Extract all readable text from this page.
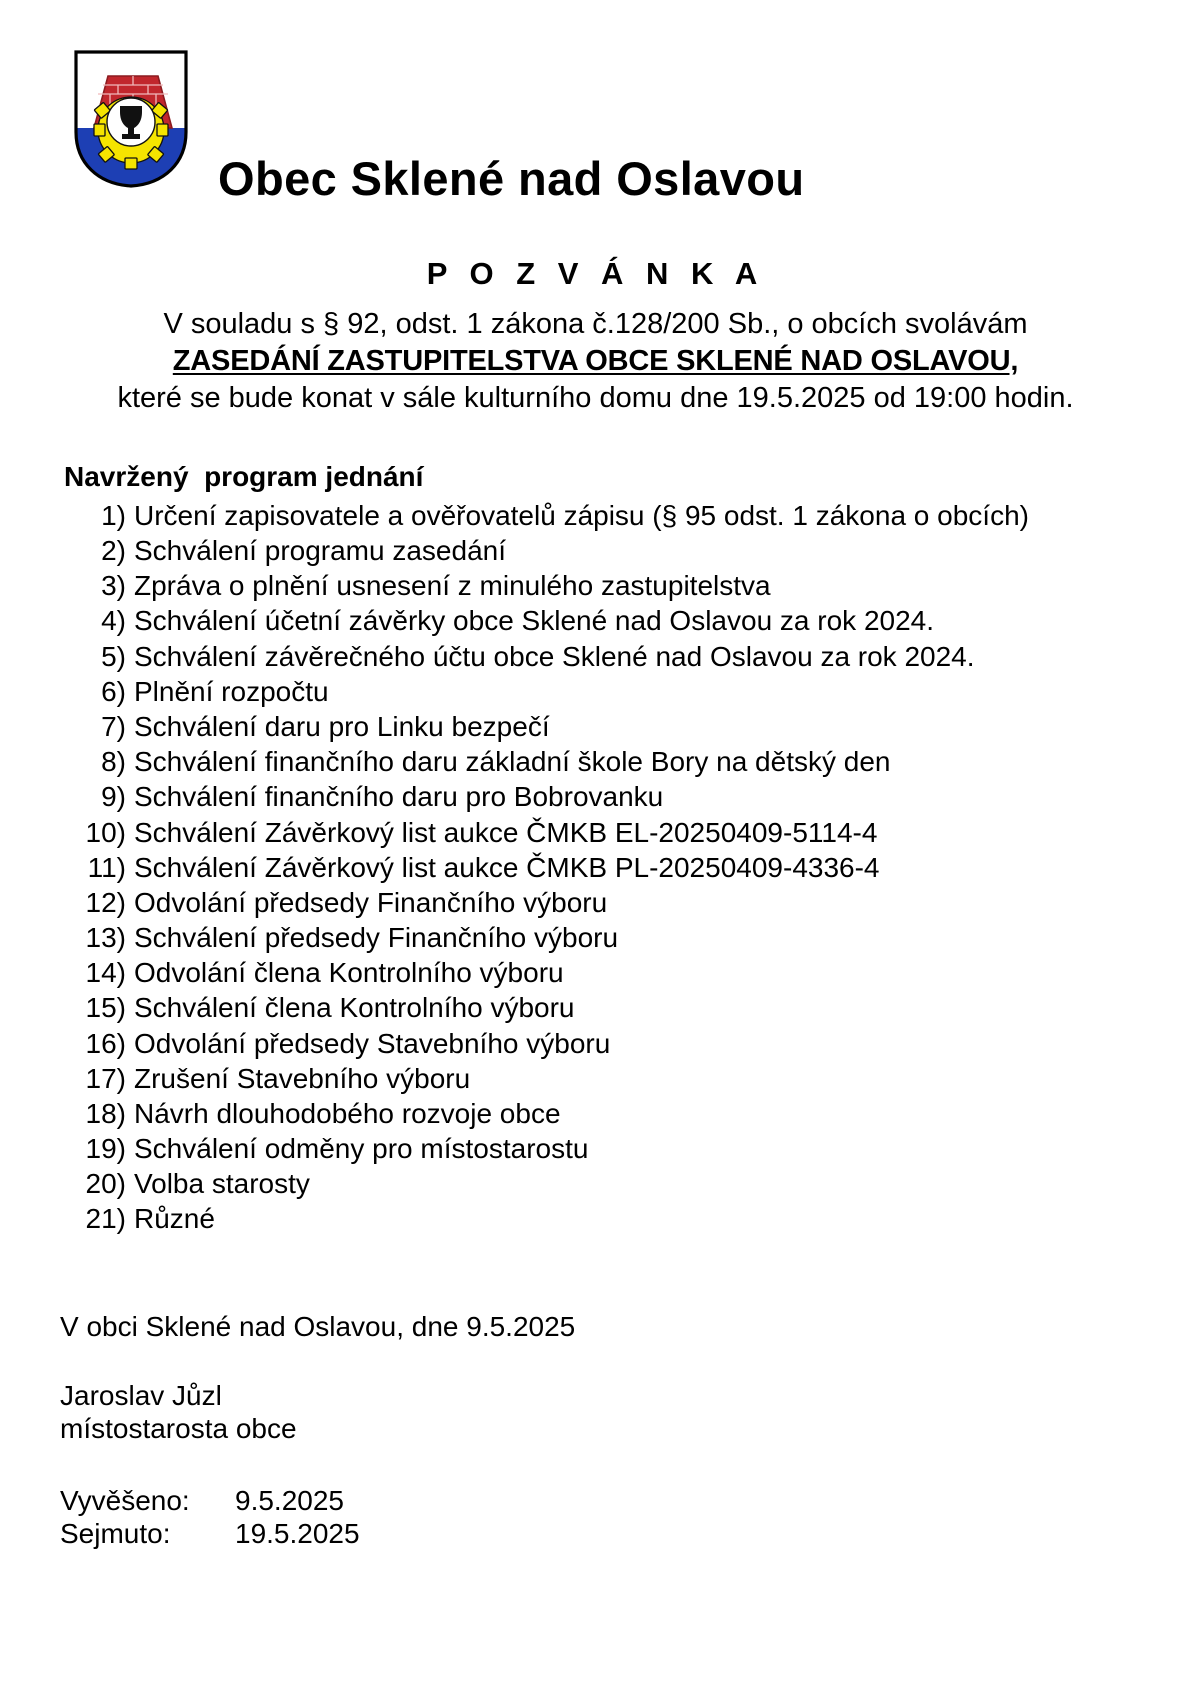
Obec Sklené nad Oslavou
P O Z V Á N K A

V souladu s § 92, odst. 1 zákona č.128/200 Sb., o obcích svolávám

ZASEDÁNÍ ZASTUPITELSTVA OBCE SKLENÉ NAD OSLAVOU,

které se bude konat v sále kulturního domu dne 19.5.2025 od 19:00 hodin.

Navržený  program jednání
1) Určení zapisovatele a ověřovatelů zápisu (§ 95 odst. 1 zákona o obcích)
2) Schválení programu zasedání
3) Zpráva o plnění usnesení z minulého zastupitelstva
4) Schválení účetní závěrky obce Sklené nad Oslavou za rok 2024.
5) Schválení závěrečného účtu obce Sklené nad Oslavou za rok 2024.
6) Plnění rozpočtu
7) Schválení daru pro Linku bezpečí
8) Schválení finančního daru základní škole Bory na dětský den
9) Schválení finančního daru pro Bobrovanku
10) Schválení Závěrkový list aukce ČMKB EL-20250409-5114-4
11) Schválení Závěrkový list aukce ČMKB PL-20250409-4336-4
12) Odvolání předsedy Finančního výboru
13) Schválení předsedy Finančního výboru
14) Odvolání člena Kontrolního výboru
15) Schválení člena Kontrolního výboru
16) Odvolání předsedy Stavebního výboru
17) Zrušení Stavebního výboru
18) Návrh dlouhodobého rozvoje obce
19) Schválení odměny pro místostarostu
20) Volba starosty
21) Různé

V obci Sklené nad Oslavou, dne 9.5.2025

Jaroslav Jůzl

místostarosta obce

Vyvěšeno:	9.5.2025
Sejmuto:	19.5.2025
